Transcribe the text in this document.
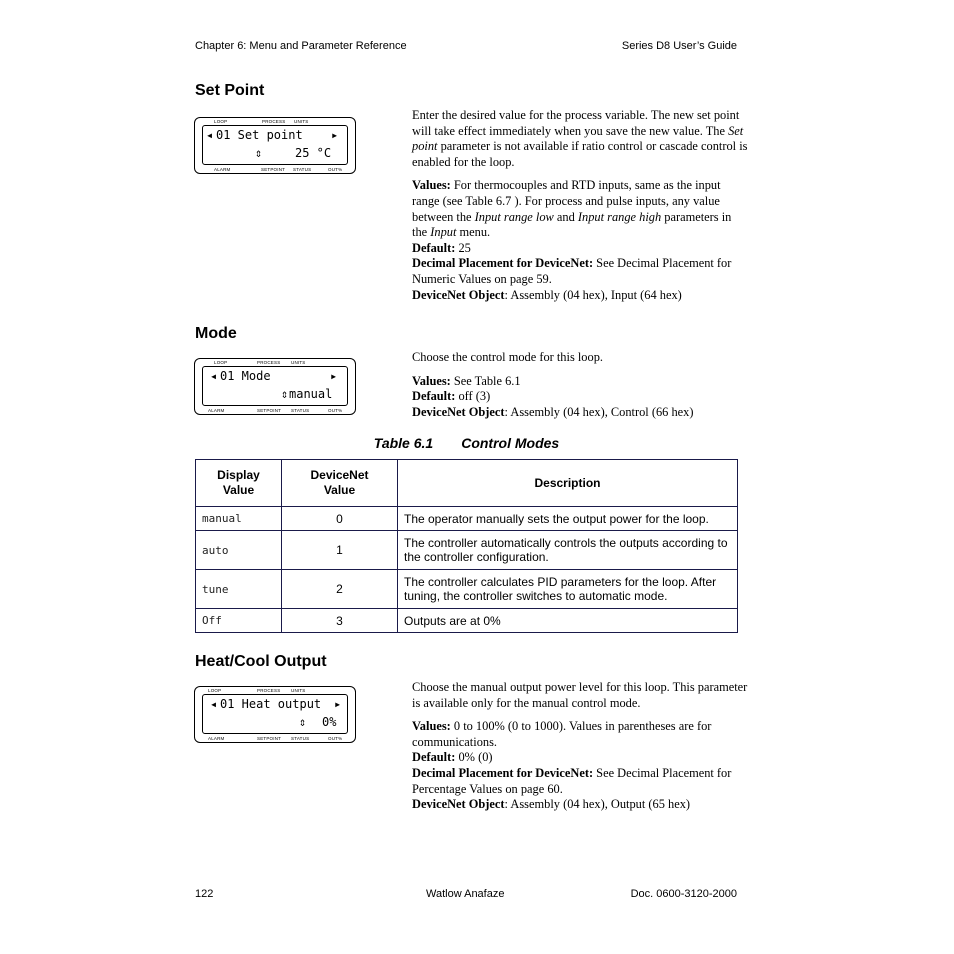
Chapter 6: Menu and Parameter Reference	Series D8 User’s Guide
Set Point
LOOP	PROCESS UNITS
◂ 01 Set point ▸
⇕	25 °C
ALARM	SETPOINT STATUS	OUT%

Enter the desired value for the process variable. The new set point will take effect immediately when you save the new value. The Set point parameter is not available if ratio control or cascade control is enabled for the loop.

Values: For thermocouples and RTD inputs, same as the input range (see Table 6.7 ). For process and pulse inputs, any value between the Input range low and Input range high parameters in the Input menu.
Default: 25
Decimal Placement for DeviceNet: See Decimal Placement for Numeric Values on page 59.
DeviceNet Object: Assembly (04 hex), Input (64 hex)
Mode
LOOP	PROCESS UNITS
◂ 01 Mode	▸
⇕ manual
ALARM	SETPOINT STATUS	OUT%

Choose the control mode for this loop.

Values: See Table 6.1
Default: off (3)
DeviceNet Object: Assembly (04 hex), Control (66 hex)
Table 6.1 Control Modes
Display Value	DeviceNet Value	Description
manual	0	The operator manually sets the output power for the loop.
auto	1	The controller automatically controls the outputs according to the controller configuration.
tune	2	The controller calculates PID parameters for the loop. After tuning, the controller switches to automatic mode.
Off	3	Outputs are at 0%
Heat/Cool Output
LOOP	PROCESS UNITS
◂ 01 Heat output ▸
⇕ 0%
ALARM	SETPOINT STATUS	OUT%

Choose the manual output power level for this loop. This parameter is available only for the manual control mode.

Values: 0 to 100% (0 to 1000). Values in parentheses are for communications.
Default: 0% (0)
Decimal Placement for DeviceNet: See Decimal Placement for Percentage Values on page 60.
DeviceNet Object: Assembly (04 hex), Output (65 hex)
122	Watlow Anafaze	Doc. 0600-3120-2000
